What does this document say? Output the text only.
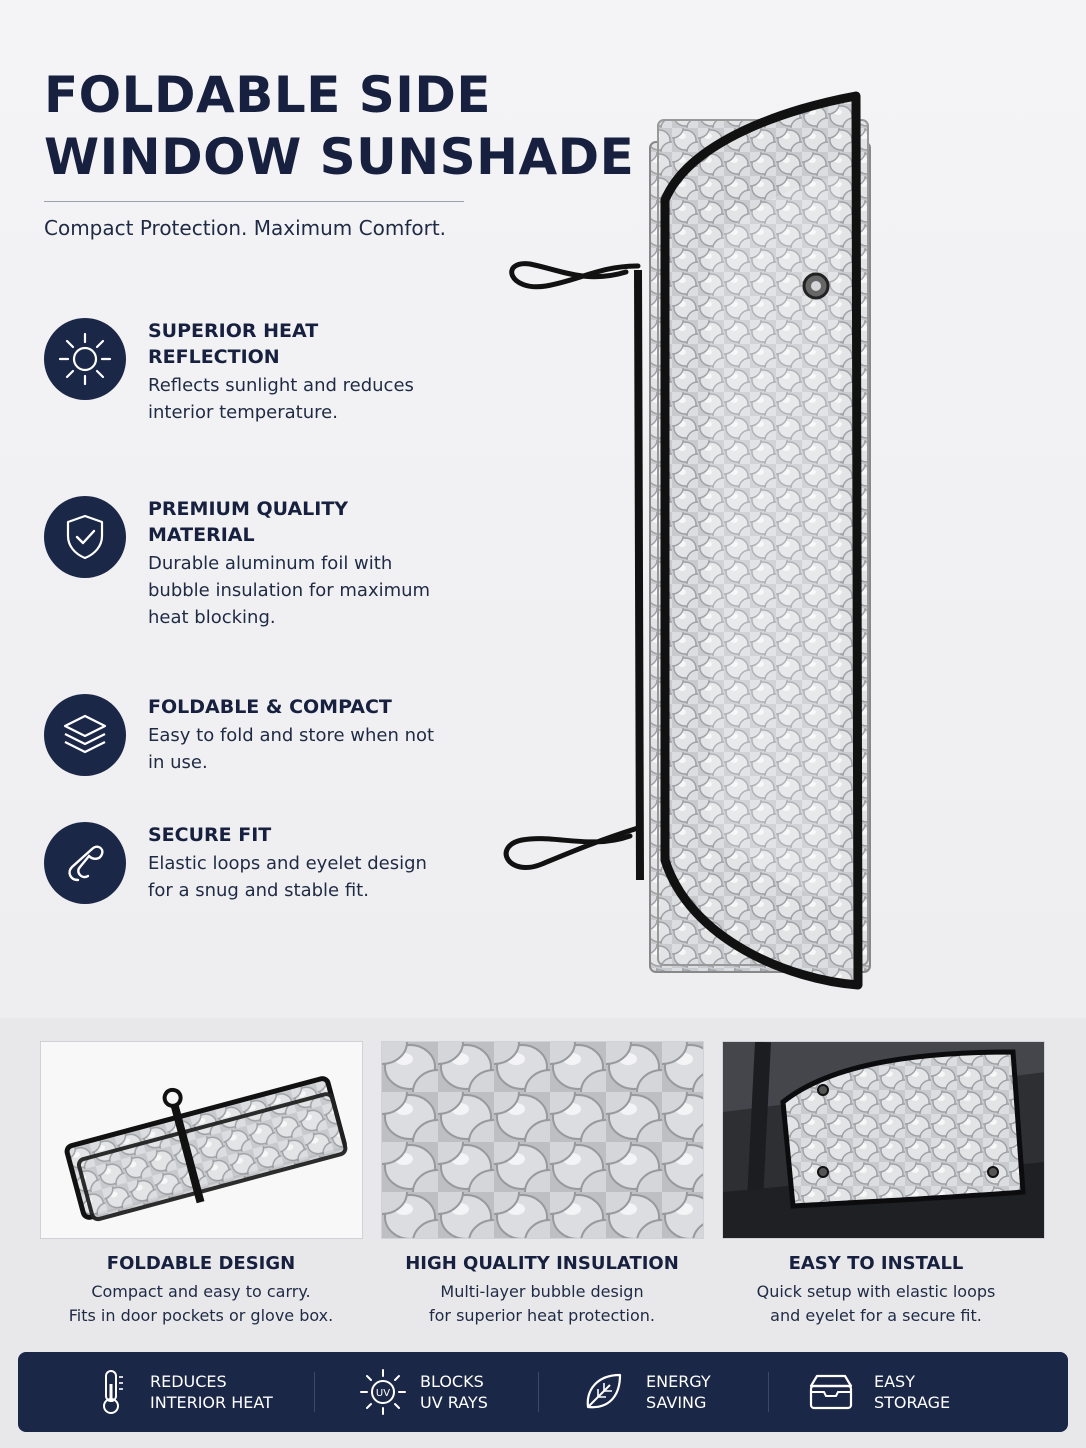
FOLDABLE SIDE WINDOW SUNSHADE
Compact Protection. Maximum Comfort.
SUPERIOR HEAT REFLECTION
Reflects sunlight and reduces interior temperature.
PREMIUM QUALITY MATERIAL
Durable aluminum foil with bubble insulation for maximum heat blocking.
FOLDABLE & COMPACT
Easy to fold and store when not in use.
SECURE FIT
Elastic loops and eyelet design for a snug and stable fit.
FOLDABLE DESIGN
Compact and easy to carry.
Fits in door pockets or glove box.
HIGH QUALITY INSULATION
Multi-layer bubble design
for superior heat protection.
EASY TO INSTALL
Quick setup with elastic loops
and eyelet for a secure fit.
REDUCES
INTERIOR HEAT	UV
BLOCKS
UV RAYS
ENERGY
SAVING
EASY
STORAGE
